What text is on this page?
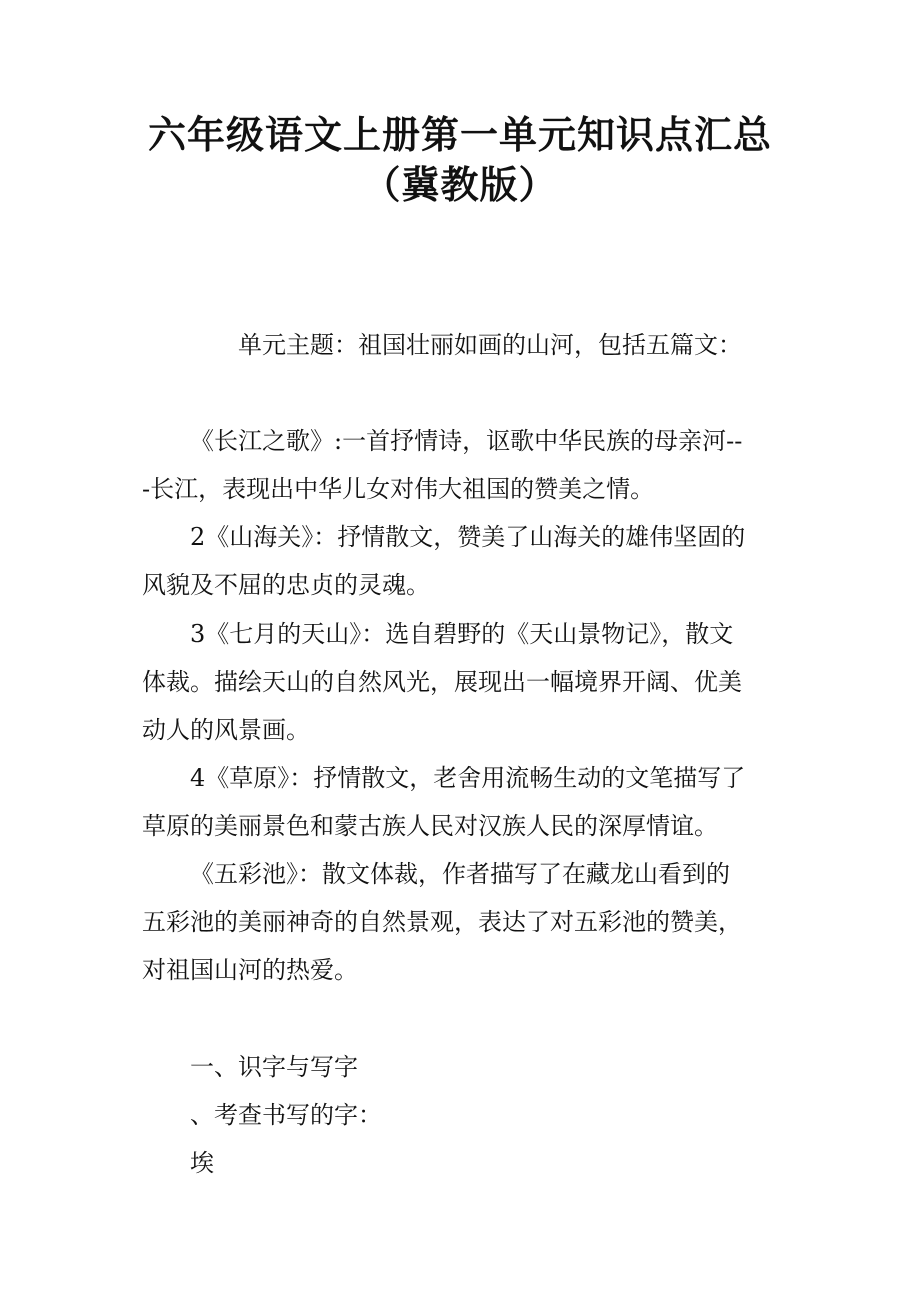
六年级语文上册第一单元知识点汇总
（冀教版）
单元主题：祖国壮丽如画的山河，包括五篇文：
《长江之歌》:一首抒情诗，讴歌中华民族的母亲河--
-长江，表现出中华儿女对伟大祖国的赞美之情。
2《山海关》：抒情散文，赞美了山海关的雄伟坚固的
风貌及不屈的忠贞的灵魂。
3《七月的天山》：选自碧野的《天山景物记》，散文
体裁。描绘天山的自然风光，展现出一幅境界开阔、优美
动人的风景画。
4《草原》：抒情散文，老舍用流畅生动的文笔描写了
草原的美丽景色和蒙古族人民对汉族人民的深厚情谊。
《五彩池》：散文体裁，作者描写了在藏龙山看到的
五彩池的美丽神奇的自然景观，表达了对五彩池的赞美，
对祖国山河的热爱。
一、识字与写字
、考查书写的字：
埃
